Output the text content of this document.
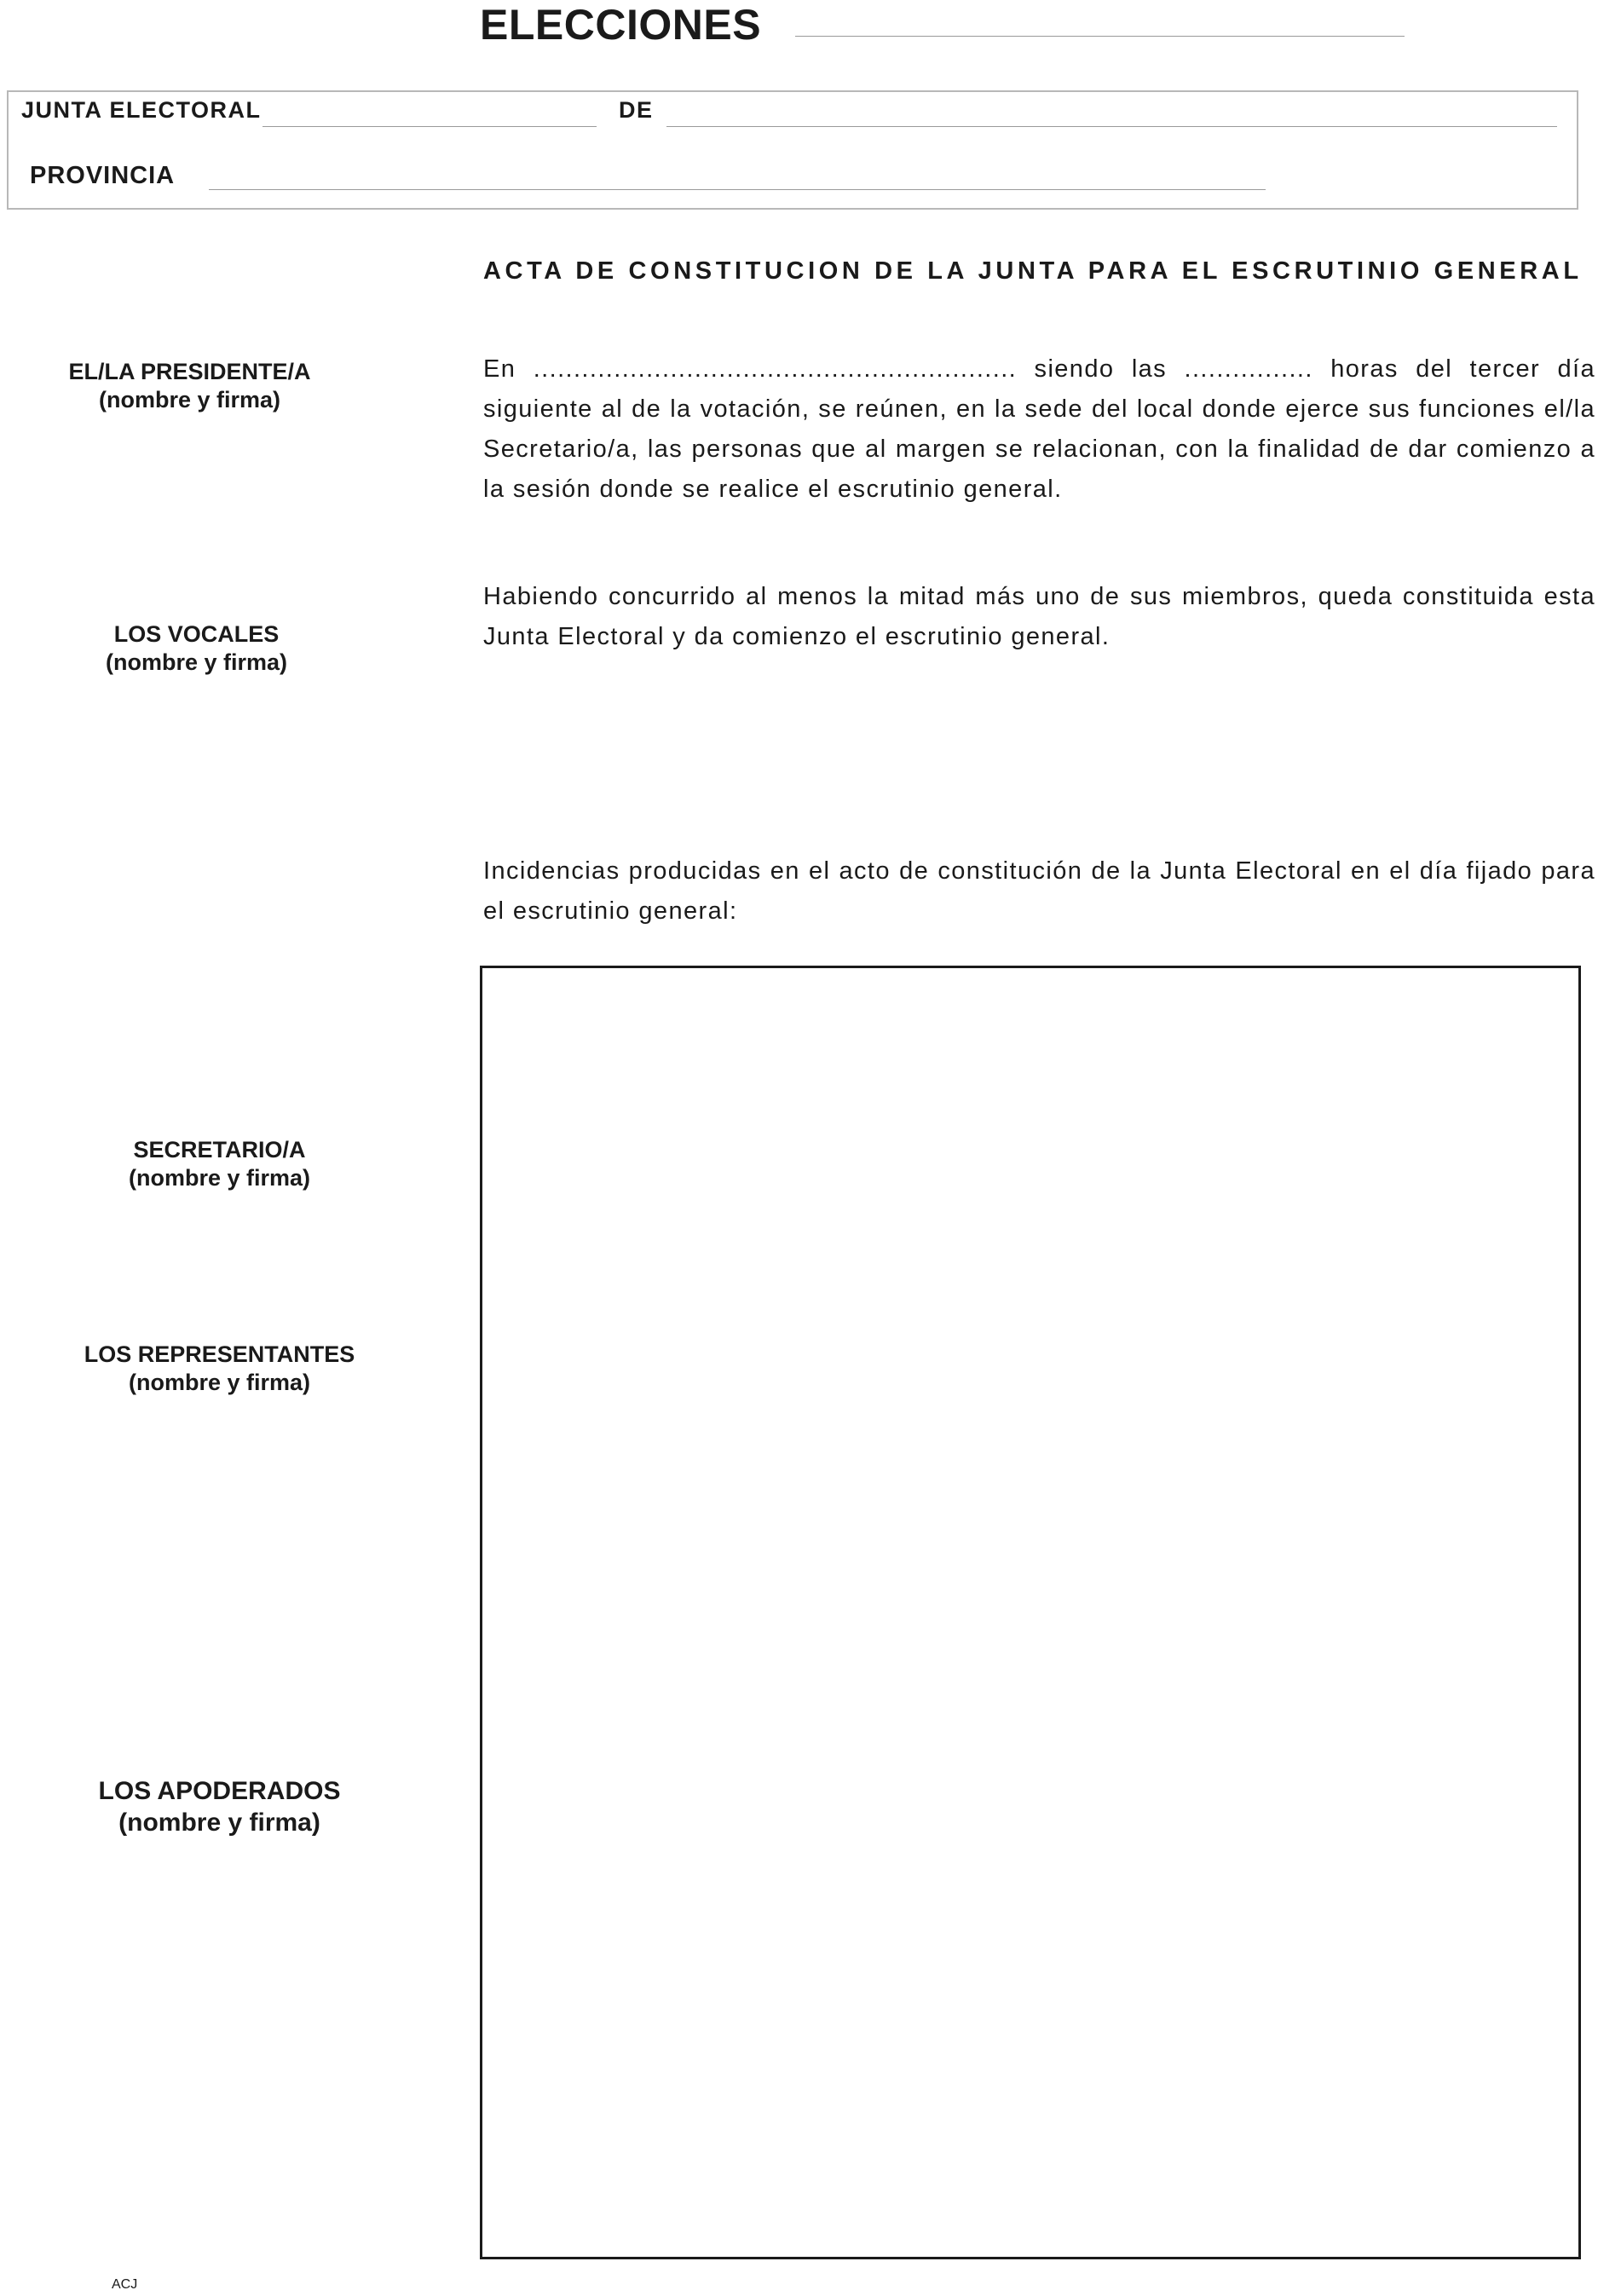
ELECCIONES
JUNTA ELECTORAL	DE
PROVINCIA
ACTA DE CONSTITUCION DE LA JUNTA PARA EL ESCRUTINIO GENERAL
EL/LA PRESIDENTE/A
(nombre y firma)
LOS VOCALES
(nombre y firma)
SECRETARIO/A
(nombre y firma)
LOS REPRESENTANTES
(nombre y firma)
LOS APODERADOS
(nombre y firma)
En ............................................................ siendo las ................ horas del tercer día siguiente al de la votación, se reúnen, en la sede del local donde ejerce sus funciones el/la Secretario/a, las personas que al margen se relacionan, con la finalidad de dar comienzo a la sesión donde se realice el escrutinio general.
Habiendo concurrido al menos la mitad más uno de sus miembros, queda constituida esta Junta Electoral y da comienzo el escrutinio general.
Incidencias producidas en el acto de constitución de la Junta Electoral en el día fijado para el escrutinio general:
ACJ
